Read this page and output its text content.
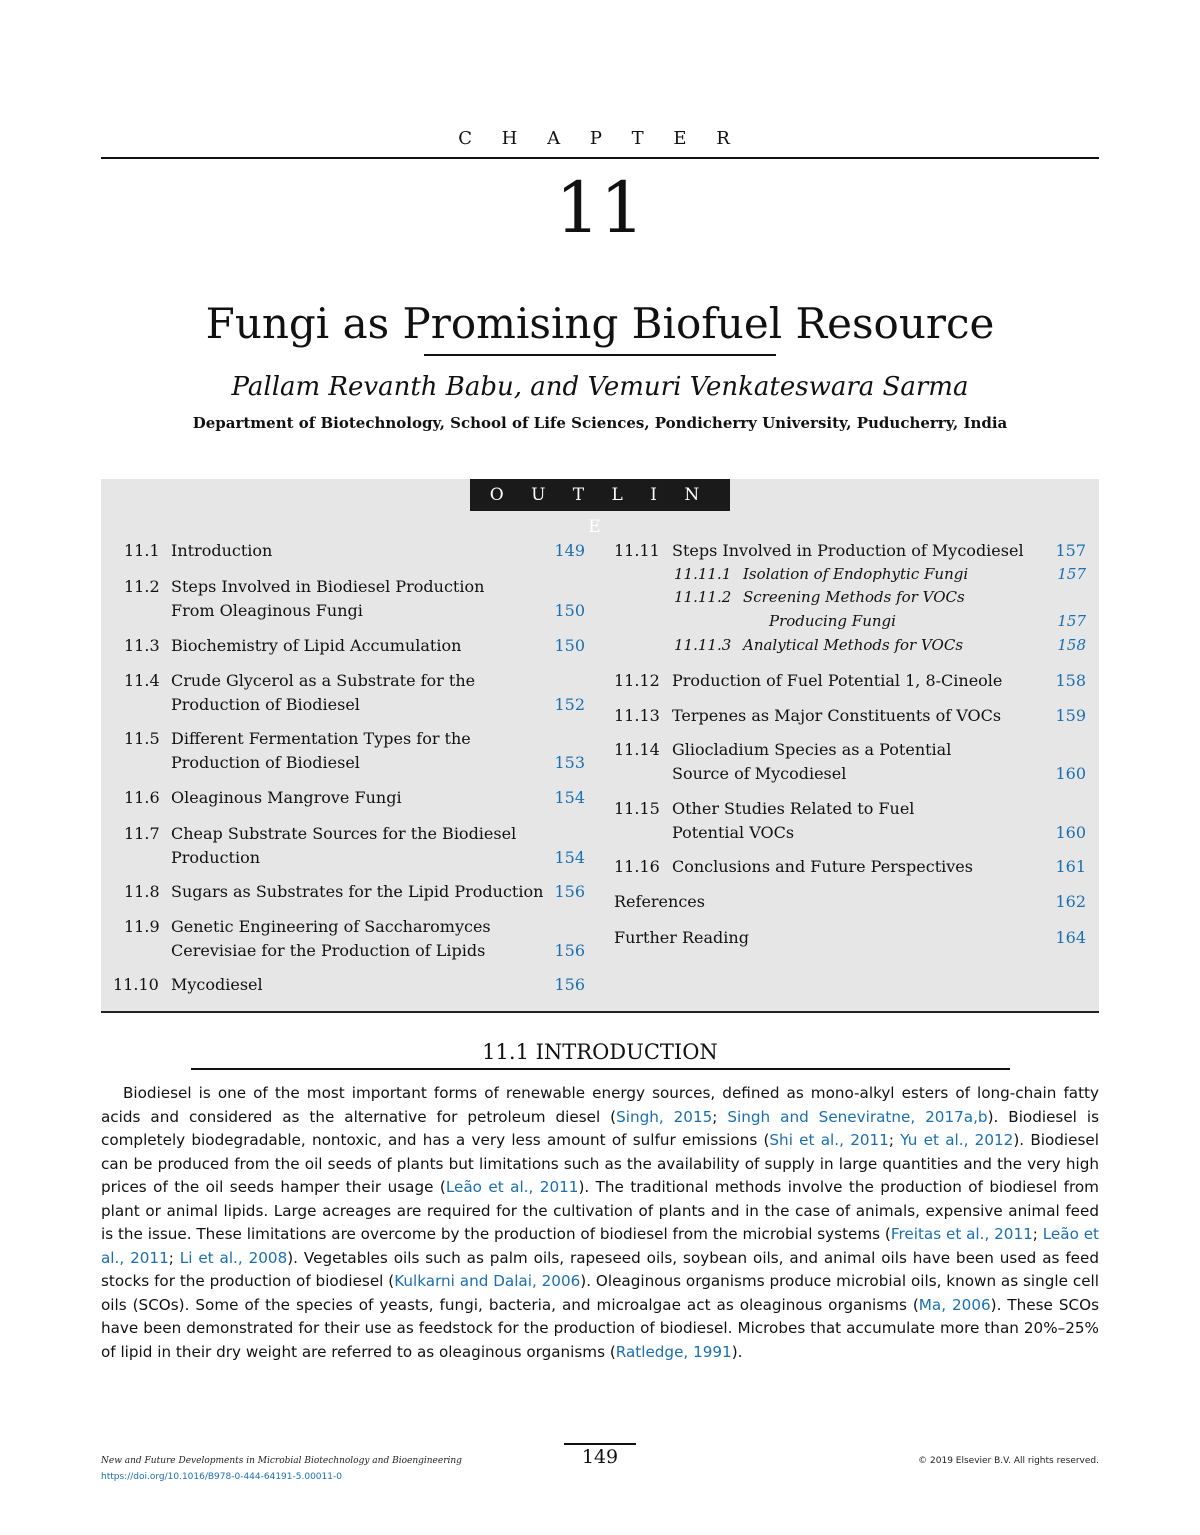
C H A P T E R
11
Fungi as Promising Biofuel Resource
Pallam Revanth Babu, and Vemuri Venkateswara Sarma
Department of Biotechnology, School of Life Sciences, Pondicherry University, Puducherry, India
O U T L I N E
11.1 Introduction	149
11.2 Steps Involved in Biodiesel Production
From Oleaginous Fungi	150
11.3 Biochemistry of Lipid Accumulation	150
11.4 Crude Glycerol as a Substrate for the
Production of Biodiesel	152
11.5 Different Fermentation Types for the
Production of Biodiesel	153
11.6 Oleaginous Mangrove Fungi	154
11.7 Cheap Substrate Sources for the Biodiesel
Production	154
11.8 Sugars as Substrates for the Lipid Production 156
11.9 Genetic Engineering of Saccharomyces
Cerevisiae for the Production of Lipids	156
11.10 Mycodiesel	156
11.11 Steps Involved in Production of Mycodiesel	157
11.11.1 Isolation of Endophytic Fungi	157
11.11.2 Screening Methods for VOCs
Producing Fungi	157
11.11.3 Analytical Methods for VOCs	158
11.12 Production of Fuel Potential 1, 8-Cineole	158
11.13 Terpenes as Major Constituents of VOCs	159
11.14 Gliocladium Species as a Potential
Source of Mycodiesel	160
11.15 Other Studies Related to Fuel
Potential VOCs	160
11.16 Conclusions and Future Perspectives	161
References	162
Further Reading	164
11.1 INTRODUCTION
Biodiesel is one of the most important forms of renewable energy sources, defined as mono-alkyl esters of long-chain fatty acids and considered as the alternative for petroleum diesel (Singh, 2015; Singh and Seneviratne, 2017a,b). Biodiesel is completely biodegradable, nontoxic, and has a very less amount of sulfur emissions (Shi et al., 2011; Yu et al., 2012). Biodiesel can be produced from the oil seeds of plants but limitations such as the availability of supply in large quantities and the very high prices of the oil seeds hamper their usage (Leão et al., 2011). The traditional methods involve the production of biodiesel from plant or animal lipids. Large acreages are required for the cultivation of plants and in the case of animals, expensive animal feed is the issue. These limitations are overcome by the production of biodiesel from the microbial systems (Freitas et al., 2011; Leão et al., 2011; Li et al., 2008). Vegetables oils such as palm oils, rapeseed oils, soybean oils, and animal oils have been used as feed stocks for the production of biodiesel (Kulkarni and Dalai, 2006). Oleaginous organisms produce microbial oils, known as single cell oils (SCOs). Some of the species of yeasts, fungi, bacteria, and microalgae act as oleaginous organisms (Ma, 2006). These SCOs have been demonstrated for their use as feedstock for the production of biodiesel. Microbes that accumulate more than 20%–25% of lipid in their dry weight are referred to as oleaginous organisms (Ratledge, 1991).
149
New and Future Developments in Microbial Biotechnology and Bioengineering
https://doi.org/10.1016/B978-0-444-64191-5.00011-0
© 2019 Elsevier B.V. All rights reserved.
